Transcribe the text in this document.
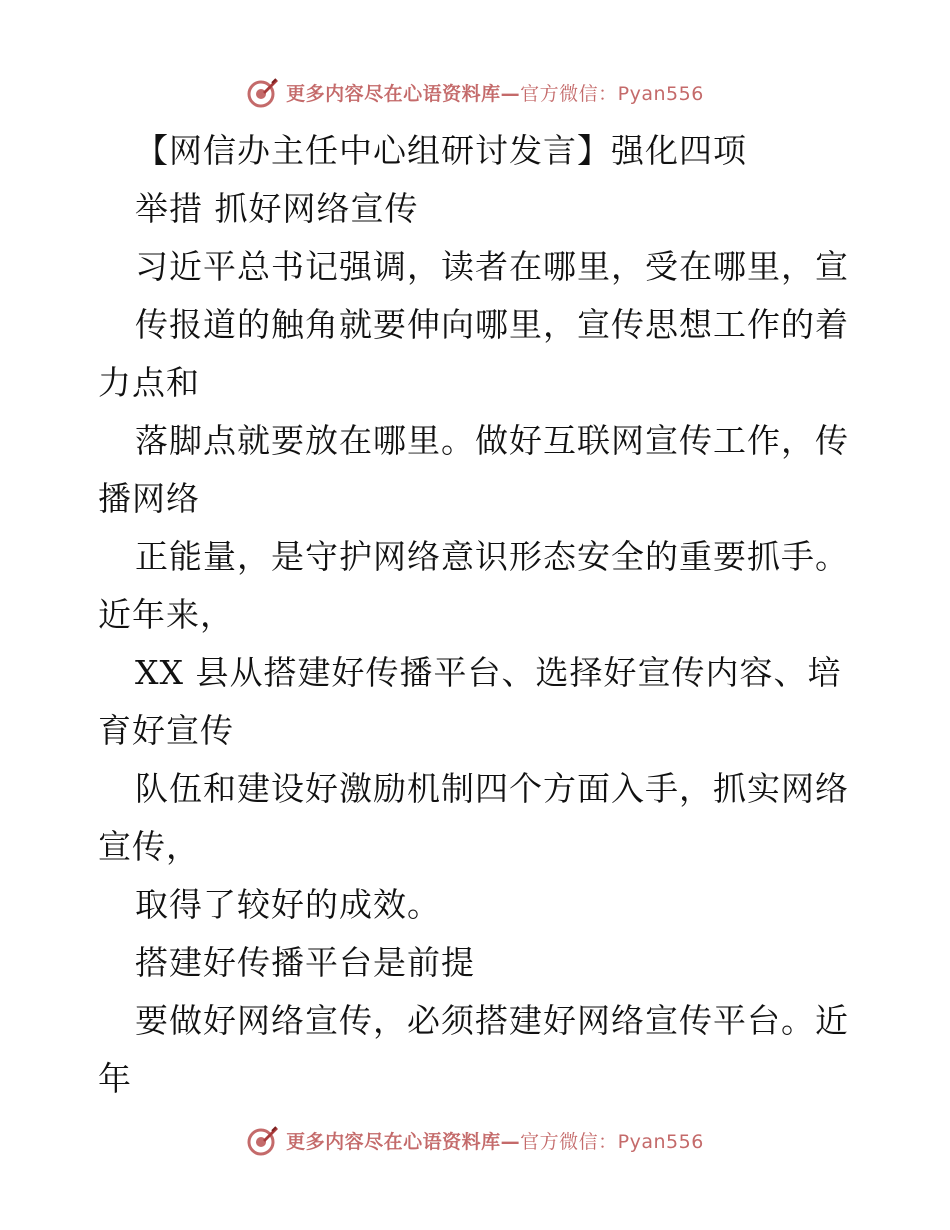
更多内容尽在心语资料库—官方微信：Pyan556
【网信办主任中心组研讨发言】强化四项
举措 抓好网络宣传
习近平总书记强调，读者在哪里，受在哪里，宣
传报道的触角就要伸向哪里，宣传思想工作的着
力点和
落脚点就要放在哪里。做好互联网宣传工作，传
播网络
正能量，是守护网络意识形态安全的重要抓手。
近年来，
XX 县从搭建好传播平台、选择好宣传内容、培
育好宣传
队伍和建设好激励机制四个方面入手，抓实网络
宣传，
取得了较好的成效。
搭建好传播平台是前提
要做好网络宣传，必须搭建好网络宣传平台。近
年
更多内容尽在心语资料库—官方微信：Pyan556
